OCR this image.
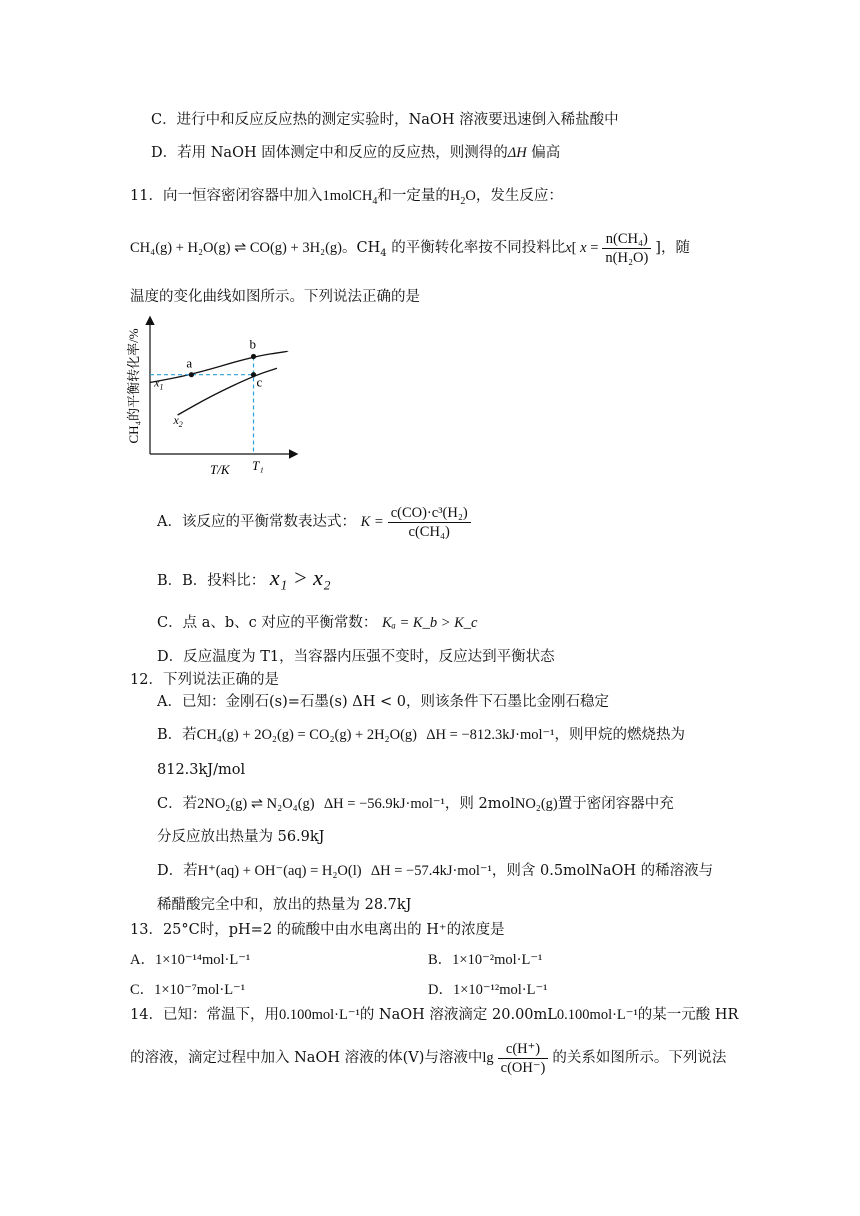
C．进行中和反应反应热的测定实验时，NaOH 溶液要迅速倒入稀盐酸中
D．若用 NaOH 固体测定中和反应的反应热，则测得的ΔH 偏高
11．向一恒容密闭容器中加入1molCH$_4$和一定量的$H_2O$，发生反应：
CH₄(g) + H₂O(g) ⇌ CO(g) + 3H₂(g)。$CH_4$ 的平衡转化率按不同投料比x[ $x = \frac{\text{n(CH₄)}}{\text{n(H₂O)}}$ ]，随
温度的变化曲线如图所示。下列说法正确的是
CH₄的平衡转化率/%
T/K T₁
a
b
c
$x_1$
$x_2$
A．该反应的平衡常数表达式： $K = \frac{\text{c(CO)·c³(H₂)}}{\text{c(CH₄)}}$
B．B．投料比： x₁ > x₂
C．点 a、b、c 对应的平衡常数： Kₐ = K_b > K_c
D．反应温度为 T1，当容器内压强不变时，反应达到平衡状态
12．下列说法正确的是
A．已知：金刚石(s)=石墨(s) ΔH < 0，则该条件下石墨比金刚石稳定
B．若CH₄(g) + 2O₂(g) = CO₂(g) + 2H₂O(g) ΔH = −812.3kJ·mol⁻¹，则甲烷的燃烧热为
812.3kJ/mol
C．若2NO₂(g) ⇌ N₂O₄(g) ΔH = −56.9kJ·mol⁻¹，则 2molNO₂(g)置于密闭容器中充
分反应放出热量为 56.9kJ
D．若H⁺(aq) + OH⁻(aq) = H₂O(l) ΔH = −57.4kJ·mol⁻¹，则含 0.5molNaOH 的稀溶液与
稀醋酸完全中和，放出的热量为 28.7kJ
13．25°C时，pH=2 的硫酸中由水电离出的 H⁺的浓度是
A．1×10⁻¹⁴mol·L⁻¹	B．1×10⁻²mol·L⁻¹
C．1×10⁻⁷mol·L⁻¹	D．1×10⁻¹²mol·L⁻¹
14．已知：常温下，用0.100mol·L⁻¹的 NaOH 溶液滴定 20.00mL0.100mol·L⁻¹的某一元酸 HR
的溶液，滴定过程中加入 NaOH 溶液的体(V)与溶液中$\lg \frac{c(H^+)}{c(OH^-)}$ 的关系如图所示。下列说法
